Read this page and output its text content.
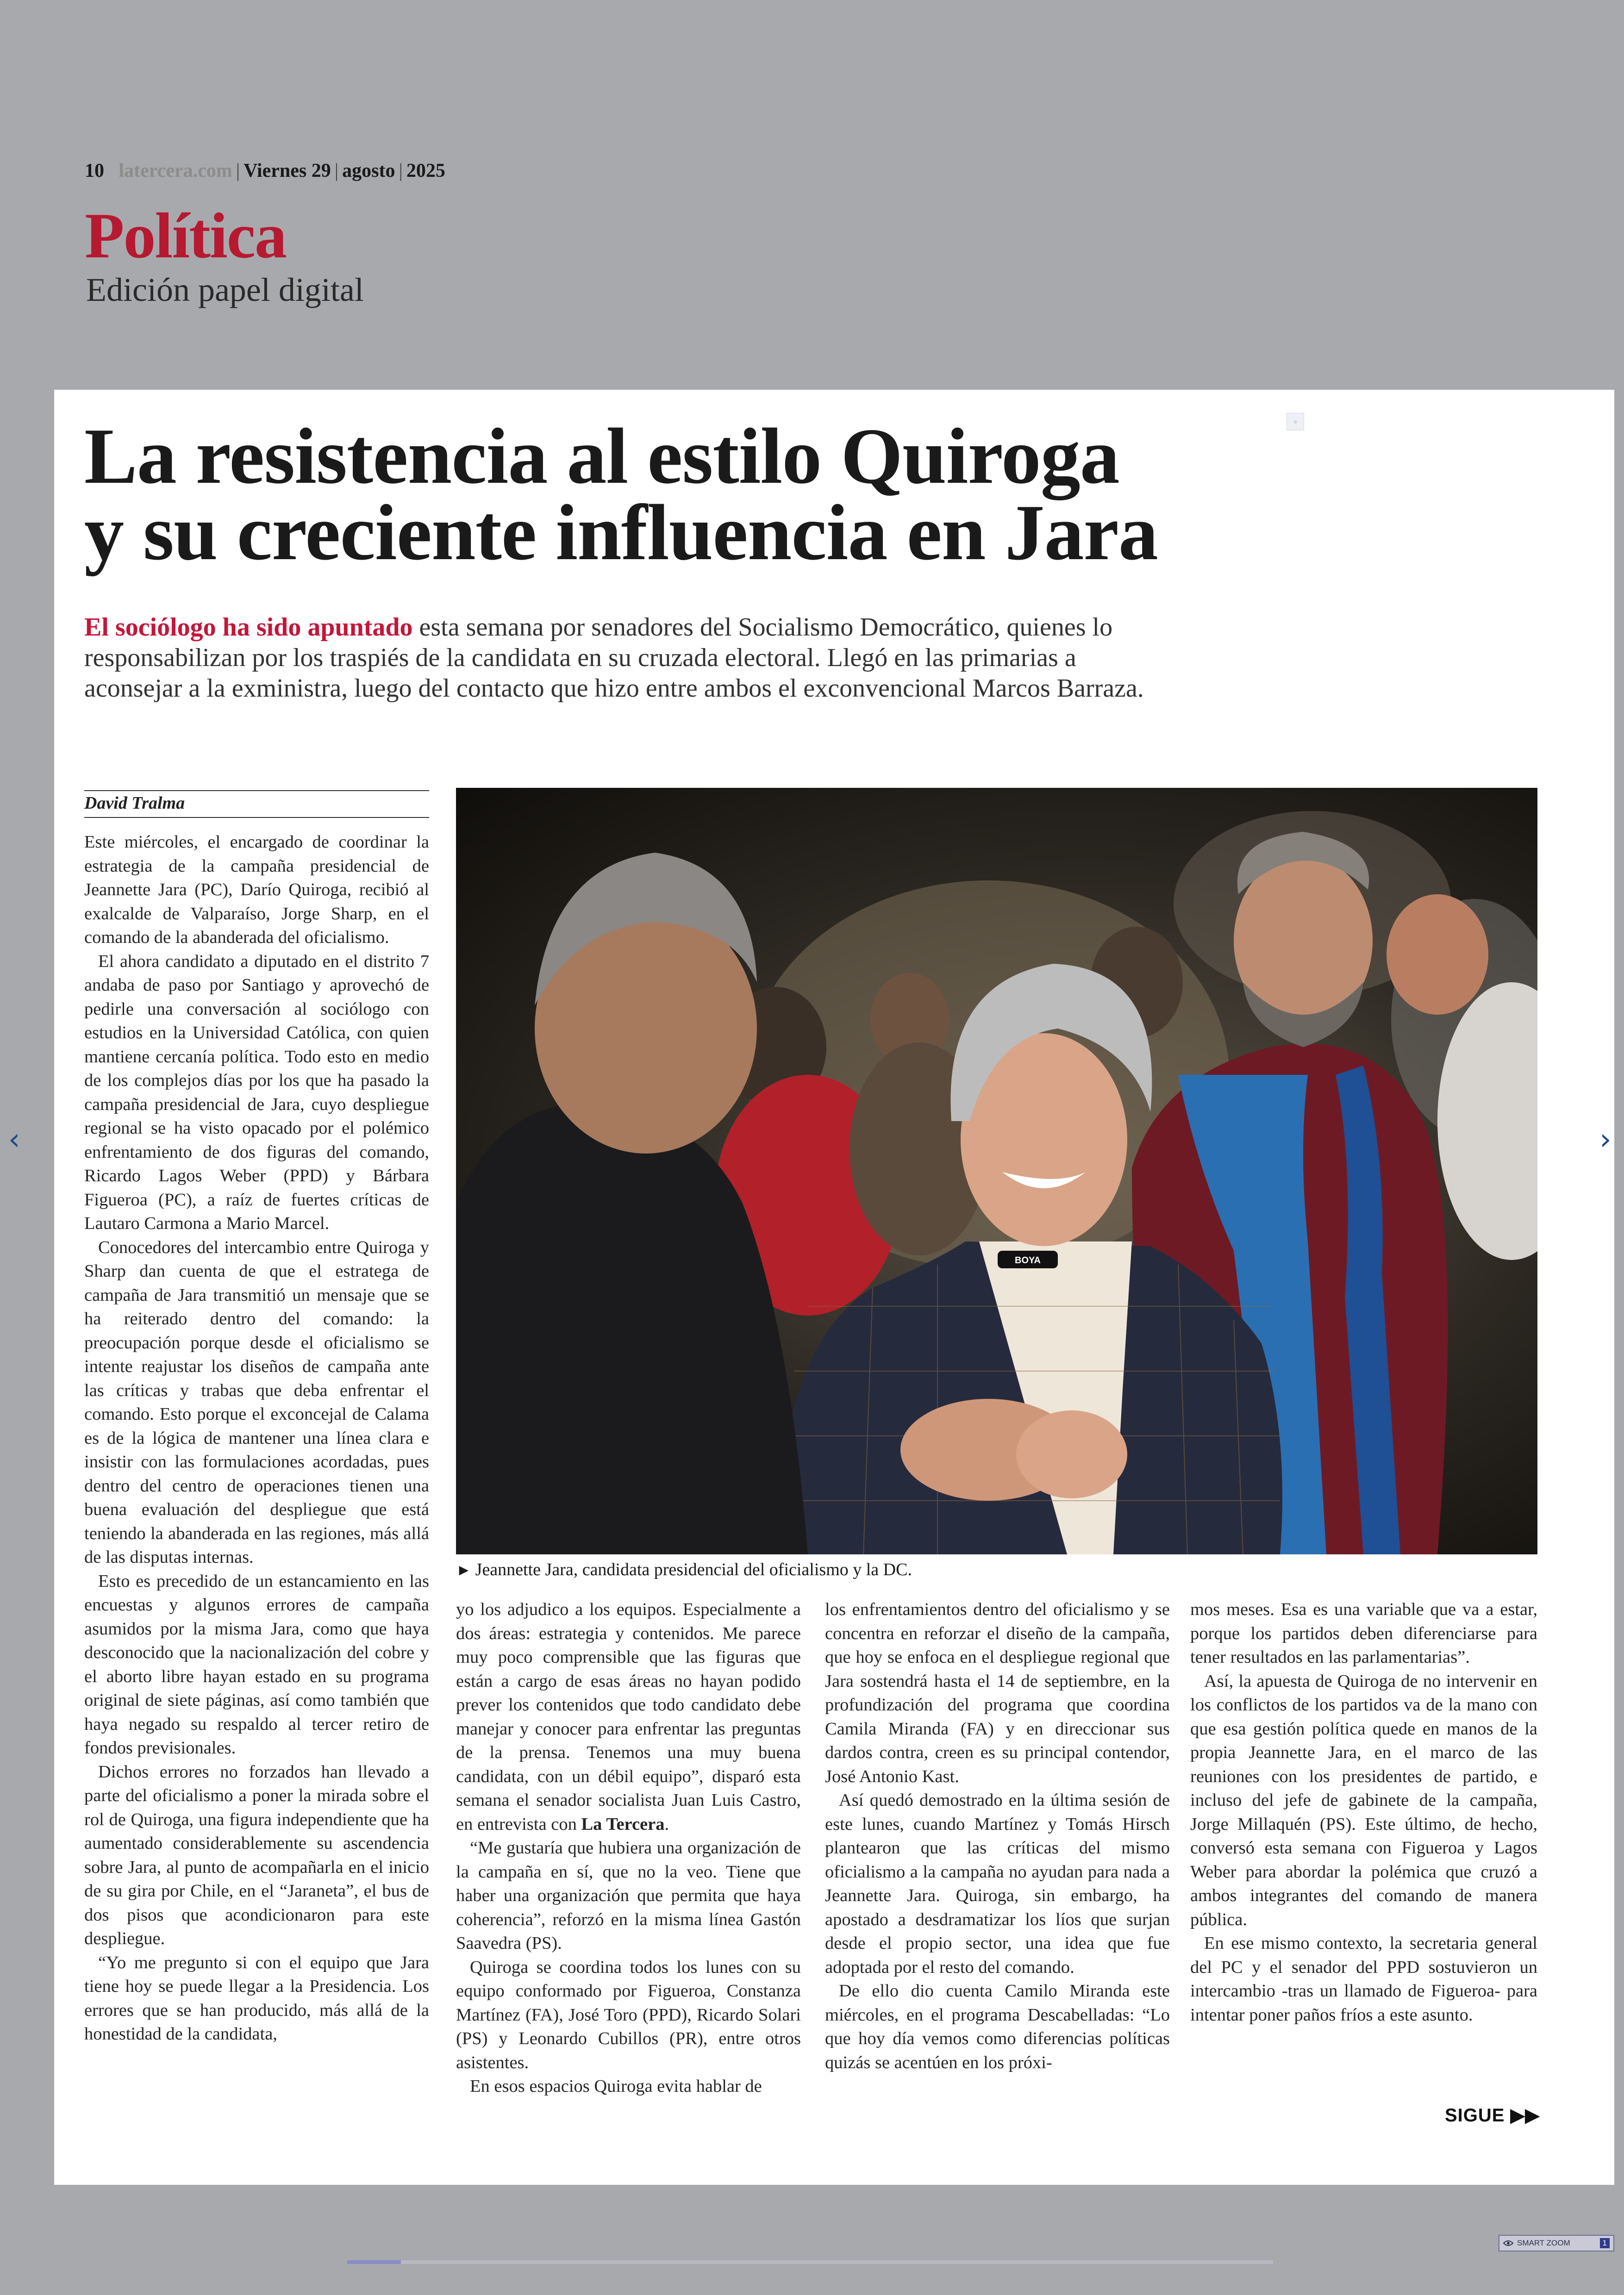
10 latercera.com | Viernes 29 | agosto | 2025
Política
Edición papel digital
La resistencia al estilo Quiroga
y su creciente influencia en Jara
▫

El sociólogo ha sido apuntado esta semana por senadores del Socialismo Democrático, quienes lo responsabilizan por los traspiés de la candidata en su cruzada electoral. Llegó en las primarias a aconsejar a la exministra, luego del contacto que hizo entre ambos el exconvencional Marcos Barraza.

David Tralma
BOYA
► Jeannette Jara, candidata presidencial del oficialismo y la DC.

Este miércoles, el encargado de coordinar la estrategia de la campaña presidencial de Jeannette Jara (PC), Darío Quiroga, recibió al exalcalde de Valparaíso, Jorge Sharp, en el comando de la abanderada del oficialismo.

El ahora candidato a diputado en el distrito 7 andaba de paso por Santiago y aprovechó de pedirle una conversación al sociólogo con estudios en la Universidad Católica, con quien mantiene cercanía política. Todo esto en medio de los complejos días por los que ha pasado la campaña presidencial de Jara, cuyo despliegue regional se ha visto opacado por el polémico enfrentamiento de dos figuras del comando, Ricardo Lagos Weber (PPD) y Bárbara Figueroa (PC), a raíz de fuertes críticas de Lautaro Carmona a Mario Marcel.

Conocedores del intercambio entre Quiroga y Sharp dan cuenta de que el estratega de campaña de Jara transmitió un mensaje que se ha reiterado dentro del comando: la preocupación porque desde el oficialismo se intente reajustar los diseños de campaña ante las críticas y trabas que deba enfrentar el comando. Esto porque el exconcejal de Calama es de la lógica de mantener una línea clara e insistir con las formulaciones acordadas, pues dentro del centro de operaciones tienen una buena evaluación del despliegue que está teniendo la abanderada en las regiones, más allá de las disputas internas.

Esto es precedido de un estancamiento en las encuestas y algunos errores de campaña asumidos por la misma Jara, como que haya desconocido que la nacionalización del cobre y el aborto libre hayan estado en su programa original de siete páginas, así como también que haya negado su respaldo al tercer retiro de fondos previsionales.

Dichos errores no forzados han llevado a parte del oficialismo a poner la mirada sobre el rol de Quiroga, una figura independiente que ha aumentado considerablemente su ascendencia sobre Jara, al punto de acompañarla en el inicio de su gira por Chile, en el “Jaraneta”, el bus de dos pisos que acondicionaron para este despliegue.

“Yo me pregunto si con el equipo que Jara tiene hoy se puede llegar a la Presidencia. Los errores que se han producido, más allá de la honestidad de la candidata,

yo los adjudico a los equipos. Especialmente a dos áreas: estrategia y contenidos. Me parece muy poco comprensible que las figuras que están a cargo de esas áreas no hayan podido prever los contenidos que todo candidato debe manejar y conocer para enfrentar las preguntas de la prensa. Tenemos una muy buena candidata, con un débil equipo”, disparó esta semana el senador socialista Juan Luis Castro, en entrevista con La Tercera.

“Me gustaría que hubiera una organización de la campaña en sí, que no la veo. Tiene que haber una organización que permita que haya coherencia”, reforzó en la misma línea Gastón Saavedra (PS).

Quiroga se coordina todos los lunes con su equipo conformado por Figueroa, Constanza Martínez (FA), José Toro (PPD), Ricardo Solari (PS) y Leonardo Cubillos (PR), entre otros asistentes.

En esos espacios Quiroga evita hablar de

los enfrentamientos dentro del oficialismo y se concentra en reforzar el diseño de la campaña, que hoy se enfoca en el despliegue regional que Jara sostendrá hasta el 14 de septiembre, en la profundización del programa que coordina Camila Miranda (FA) y en direccionar sus dardos contra, creen es su principal contendor, José Antonio Kast.

Así quedó demostrado en la última sesión de este lunes, cuando Martínez y Tomás Hirsch plantearon que las críticas del mismo oficialismo a la campaña no ayudan para nada a Jeannette Jara. Quiroga, sin embargo, ha apostado a desdramatizar los líos que surjan desde el propio sector, una idea que fue adoptada por el resto del comando.

De ello dio cuenta Camilo Miranda este miércoles, en el programa Descabelladas: “Lo que hoy día vemos como diferencias políticas quizás se acentúen en los próxi-

mos meses. Esa es una variable que va a estar, porque los partidos deben diferenciarse para tener resultados en las parlamentarias”.

Así, la apuesta de Quiroga de no intervenir en los conflictos de los partidos va de la mano con que esa gestión política quede en manos de la propia Jeannette Jara, en el marco de las reuniones con los presidentes de partido, e incluso del jefe de gabinete de la campaña, Jorge Millaquén (PS). Este último, de hecho, conversó esta semana con Figueroa y Lagos Weber para abordar la polémica que cruzó a ambos integrantes del comando de manera pública.

En ese mismo contexto, la secretaria general del PC y el senador del PPD sostuvieron un intercambio -tras un llamado de Figueroa- para intentar poner paños fríos a este asunto.

SIGUE ▶▶
‹	›
SMART ZOOM	1
